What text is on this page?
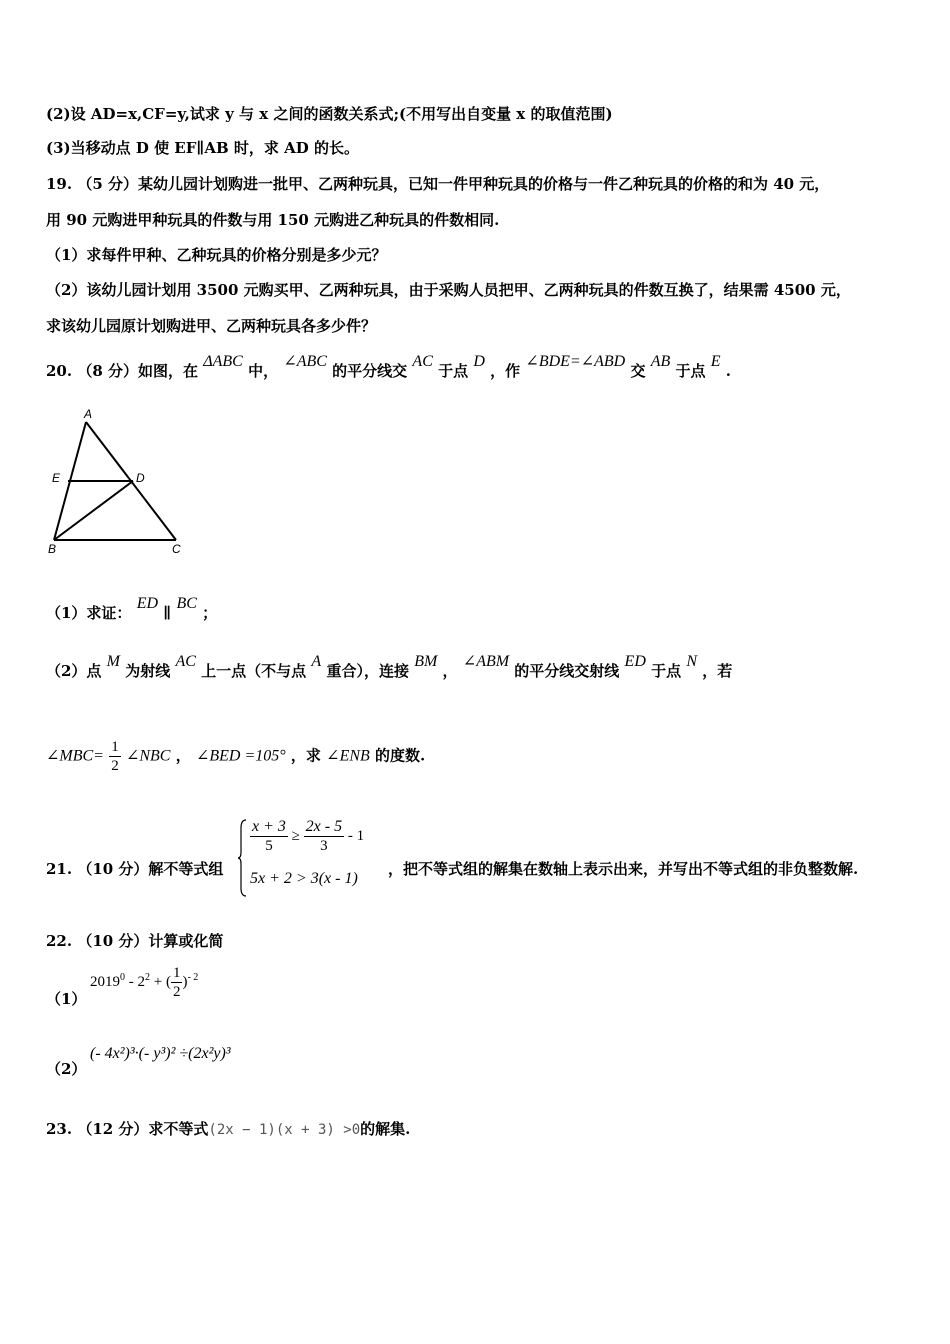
(2)设 AD=x,CF=y,试求 y 与 x 之间的函数关系式;(不用写出自变量 x 的取值范围)
(3)当移动点 D 使 EF∥AB 时，求 AD 的长。
19. （5 分）某幼儿园计划购进一批甲、乙两种玩具，已知一件甲种玩具的价格与一件乙种玩具的价格的和为 40 元，
用 90 元购进甲种玩具的件数与用 150 元购进乙种玩具的件数相同.
（1）求每件甲种、乙种玩具的价格分别是多少元？
（2）该幼儿园计划用 3500 元购买甲、乙两种玩具，由于采购人员把甲、乙两种玩具的件数互换了，结果需 4500 元，
求该幼儿园原计划购进甲、乙两种玩具各多少件？
20. （8 分）如图，在 ΔABC 中， ∠ABC 的平分线交 AC 于点 D ，作 ∠BDE=∠ABD 交 AB 于点 E .
A
E	D
B	C
（1）求证： ED ∥ BC ；
（2）点 M 为射线 AC 上一点（不与点 A 重合），连接 BM ， ∠ABM 的平分线交射线 ED 于点 N ，若
∠MBC= $\frac{1}{2}$ ∠NBC ， ∠BED =105° ，求 ∠ENB 的度数.
21. （10 分）解不等式组
$\frac{x + 3}{5} \ge \frac{2x - 5}{3} - 1$
5x + 2 > 3(x - 1)
，把不等式组的解集在数轴上表示出来，并写出不等式组的非负整数解.
22. （10 分）计算或化简
（1）
$2019^0 - 2^2$ + ( $\frac{1}{2} )^{- 2}$
（2）
(- 4x²)³·(- y³)² ÷(2x²y)³
23. （12 分）求不等式(2x − 1)(x + 3) >0的解集.
